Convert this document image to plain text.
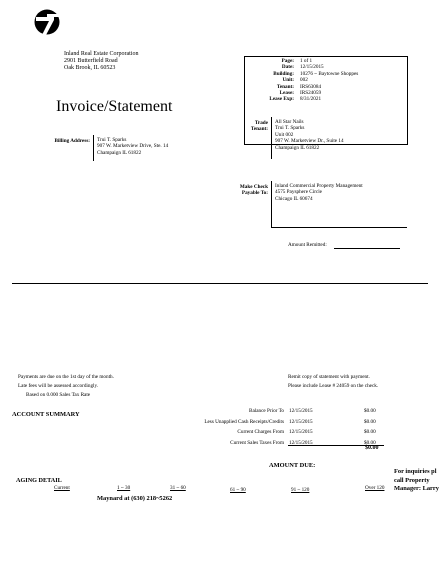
Inland Real Estate Corporation
2901 Butterfield Road
Oak Brook, IL 60523
Invoice/Statement
Page:	1 of 1
Date:	12/15/2015
Building:	10276 ~ Baytowne Shoppes
Unit:	002
Tenant:	IRS63084
Lease:	IRS24059
Lease Exp:	8/31/2021
Billing Address: Trui T. Sparks
907 W. Marketview Drive, Ste. 14
Champaign IL 61822
Trade
Tenant:
All Star Nails
Trui T. Sparks
Unit 002
907 W. Marketview Dr., Suite 14
Champaign IL 61822
Make Check
Payable To:
Inland Commercial Property Management
4575 Paysphere Circle
Chicago IL 60674
Amount Remitted:
Payments are due on the 1st day of the month.
Late fees will be assessed accordingly.
Based on 0.000 Sales Tax Rate
Remit copy of statement with payment.
Please include Lease # 24059 on the check.
ACCOUNT SUMMARY	Balance Prior To 12/15/2015	$0.00
Less Unapplied Cash Receipts/Credits 12/15/2015	$0.00
Current Charges From 12/15/2015	$0.00
Current Sales Taxes From 12/15/2015	$0.00
$0.00
AMOUNT DUE:
AGING DETAIL
Current	1 ~ 30	31 ~ 60	61 ~ 90	91 ~ 120	Over 120
Maynard at (630) 218~5262
For inquiries pl
call Property
Manager: Larry
